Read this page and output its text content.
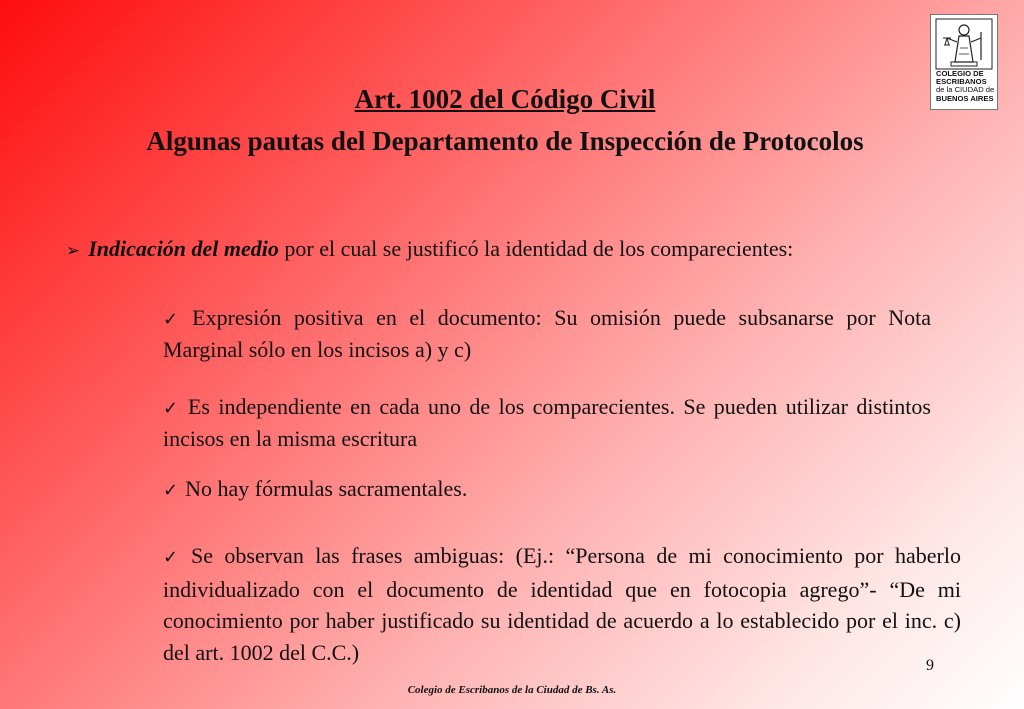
COLEGIO DE
ESCRIBANOS
de la CIUDAD de
BUENOS AIRES
Art. 1002 del Código Civil
Algunas pautas del Departamento de Inspección de Protocolos
➢ Indicación del medio por el cual se justificó la identidad de los comparecientes:
✓ Expresión positiva en el documento: Su omisión puede subsanarse por Nota Marginal sólo en los incisos a) y c)
✓ Es independiente en cada uno de los comparecientes. Se pueden utilizar distintos incisos en la misma escritura
✓ No hay fórmulas sacramentales.
✓ Se observan las frases ambiguas: (Ej.: “Persona de mi conocimiento por haberlo individualizado con el documento de identidad que en fotocopia agrego”- “De mi conocimiento por haber justificado su identidad de acuerdo a lo establecido por el inc. c) del art. 1002 del C.C.)
9
Colegio de Escribanos de la Ciudad de Bs. As.
